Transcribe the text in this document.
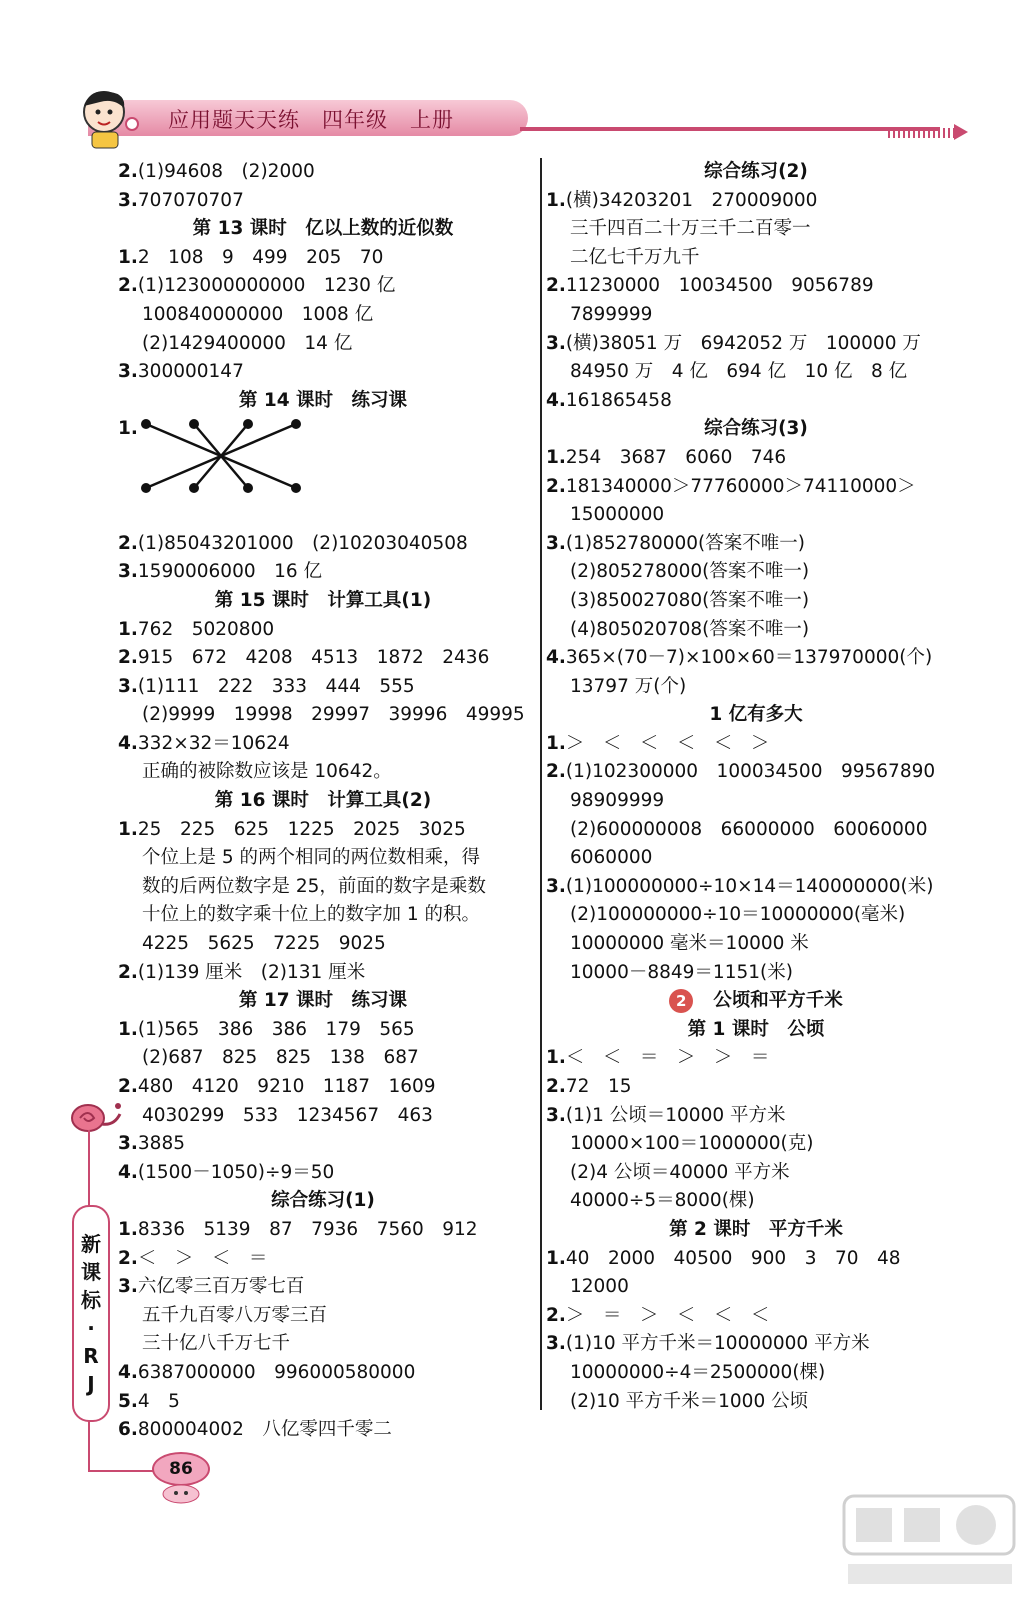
应用题天天练　四年级　上册
2.(1)94608　(2)2000
3.707070707
第 13 课时　亿以上数的近似数
1.2　108　9　499　205　70
2.(1)123000000000　1230 亿
100840000000　1008 亿
(2)1429400000　14 亿
3.300000147
第 14 课时　练习课
1.
2.(1)85043201000　(2)10203040508
3.1590006000　16 亿
第 15 课时　计算工具(1)
1.762　5020800
2.915　672　4208　4513　1872　2436
3.(1)111　222　333　444　555
(2)9999　19998　29997　39996　49995
4.332×32＝10624
正确的被除数应该是 10642。
第 16 课时　计算工具(2)
1.25　225　625　1225　2025　3025
个位上是 5 的两个相同的两位数相乘，得
数的后两位数字是 25，前面的数字是乘数
十位上的数字乘十位上的数字加 1 的积。
4225　5625　7225　9025
2.(1)139 厘米　(2)131 厘米
第 17 课时　练习课
1.(1)565　386　386　179　565
(2)687　825　825　138　687
2.480　4120　9210　1187　1609
4030299　533　1234567　463
3.3885
4.(1500－1050)÷9＝50
综合练习(1)
1.8336　5139　87　7936　7560　912
2.＜　＞　＜　＝
3.六亿零三百万零七百
五千九百零八万零三百
三十亿八千万七千
4.6387000000　996000580000
5.4　5
6.800004002　八亿零四千零二
综合练习(2)
1.(横)34203201　270009000
三千四百二十万三千二百零一
二亿七千万九千
2.11230000　10034500　9056789
7899999
3.(横)38051 万　6942052 万　100000 万
84950 万　4 亿　694 亿　10 亿　8 亿
4.161865458
综合练习(3)
1.254　3687　6060　746
2.181340000＞77760000＞74110000＞
15000000
3.(1)852780000(答案不唯一)
(2)805278000(答案不唯一)
(3)850027080(答案不唯一)
(4)805020708(答案不唯一)
4.365×(70－7)×100×60＝137970000(个)
13797 万(个)
1 亿有多大
1.＞　＜　＜　＜　＜　＞
2.(1)102300000　100034500　99567890
98909999
(2)600000008　66000000　60060000
6060000
3.(1)100000000÷10×14＝140000000(米)
(2)100000000÷10＝10000000(毫米)
10000000 毫米＝10000 米
10000－8849＝1151(米)
2 公顷和平方千米
第 1 课时　公顷
1.＜　＜　＝　＞　＞　＝
2.72　15
3.(1)1 公顷＝10000 平方米
10000×100＝1000000(克)
(2)4 公顷＝40000 平方米
40000÷5＝8000(棵)
第 2 课时　平方千米
1.40　2000　40500　900　3　70　48
12000
2.＞　＝　＞　＜　＜　＜
3.(1)10 平方千米＝10000000 平方米
10000000÷4＝2500000(棵)
(2)10 平方千米＝1000 公顷
新
课
标
·
R
J
86
